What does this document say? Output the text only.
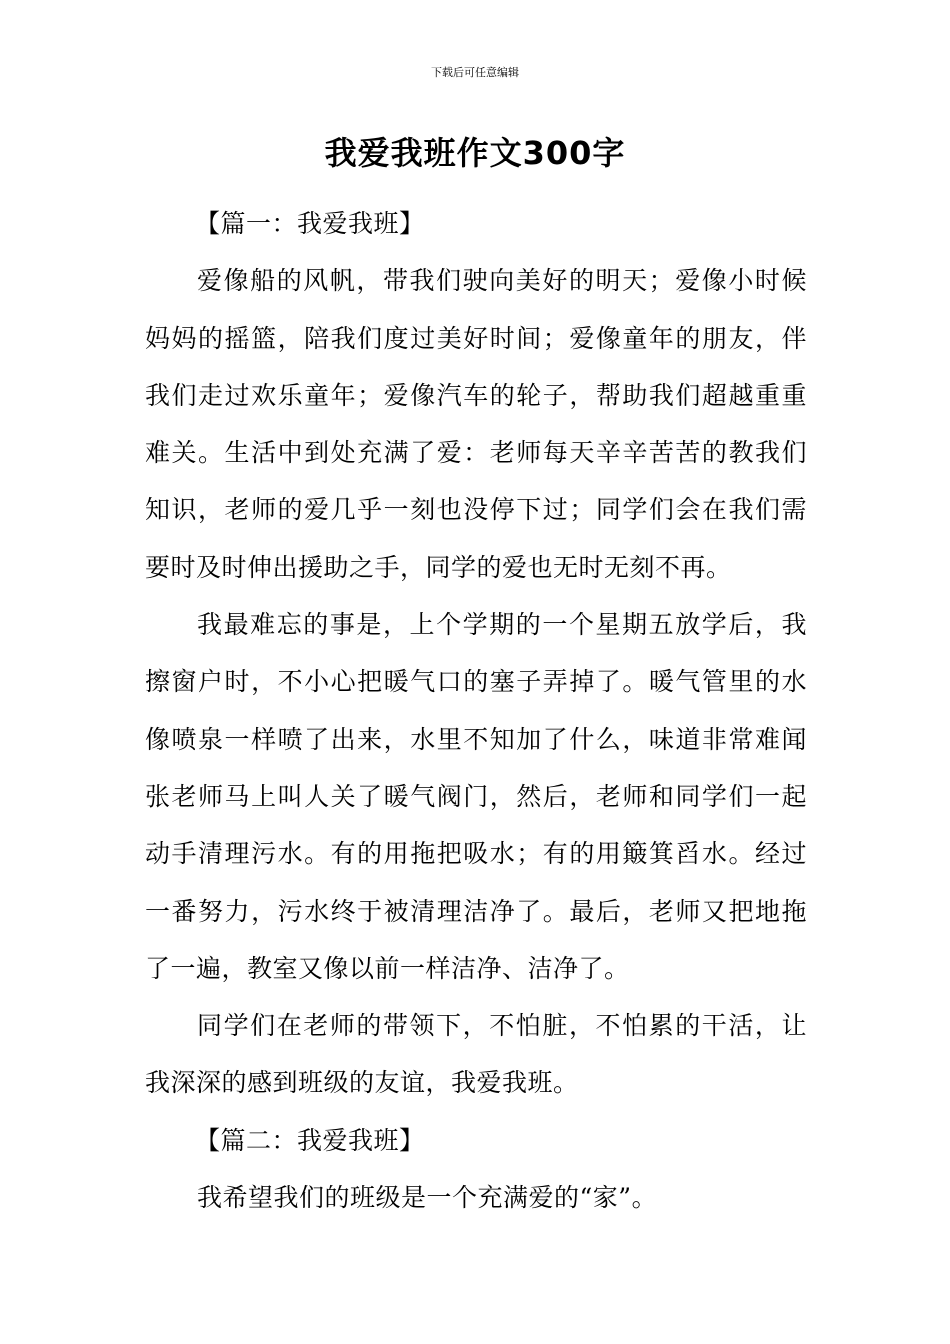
下载后可任意编辑
我爱我班作文300字

【篇一：我爱我班】

爱像船的风帆，带我们驶向美好的明天；爱像小时候妈妈的摇篮，陪我们度过美好时间；爱像童年的朋友，伴我们走过欢乐童年；爱像汽车的轮子，帮助我们超越重重难关。生活中到处充满了爱：老师每天辛辛苦苦的教我们知识，老师的爱几乎一刻也没停下过；同学们会在我们需要时及时伸出援助之手，同学的爱也无时无刻不再。

我最难忘的事是，上个学期的一个星期五放学后，我擦窗户时，不小心把暖气口的塞子弄掉了。暖气管里的水像喷泉一样喷了出来，水里不知加了什么，味道非常难闻张老师马上叫人关了暖气阀门，然后，老师和同学们一起动手清理污水。有的用拖把吸水；有的用簸箕舀水。经过一番努力，污水终于被清理洁净了。最后，老师又把地拖了一遍，教室又像以前一样洁净、洁净了。

同学们在老师的带领下，不怕脏，不怕累的干活，让我深深的感到班级的友谊，我爱我班。

【篇二：我爱我班】

我希望我们的班级是一个充满爱的“家”。
